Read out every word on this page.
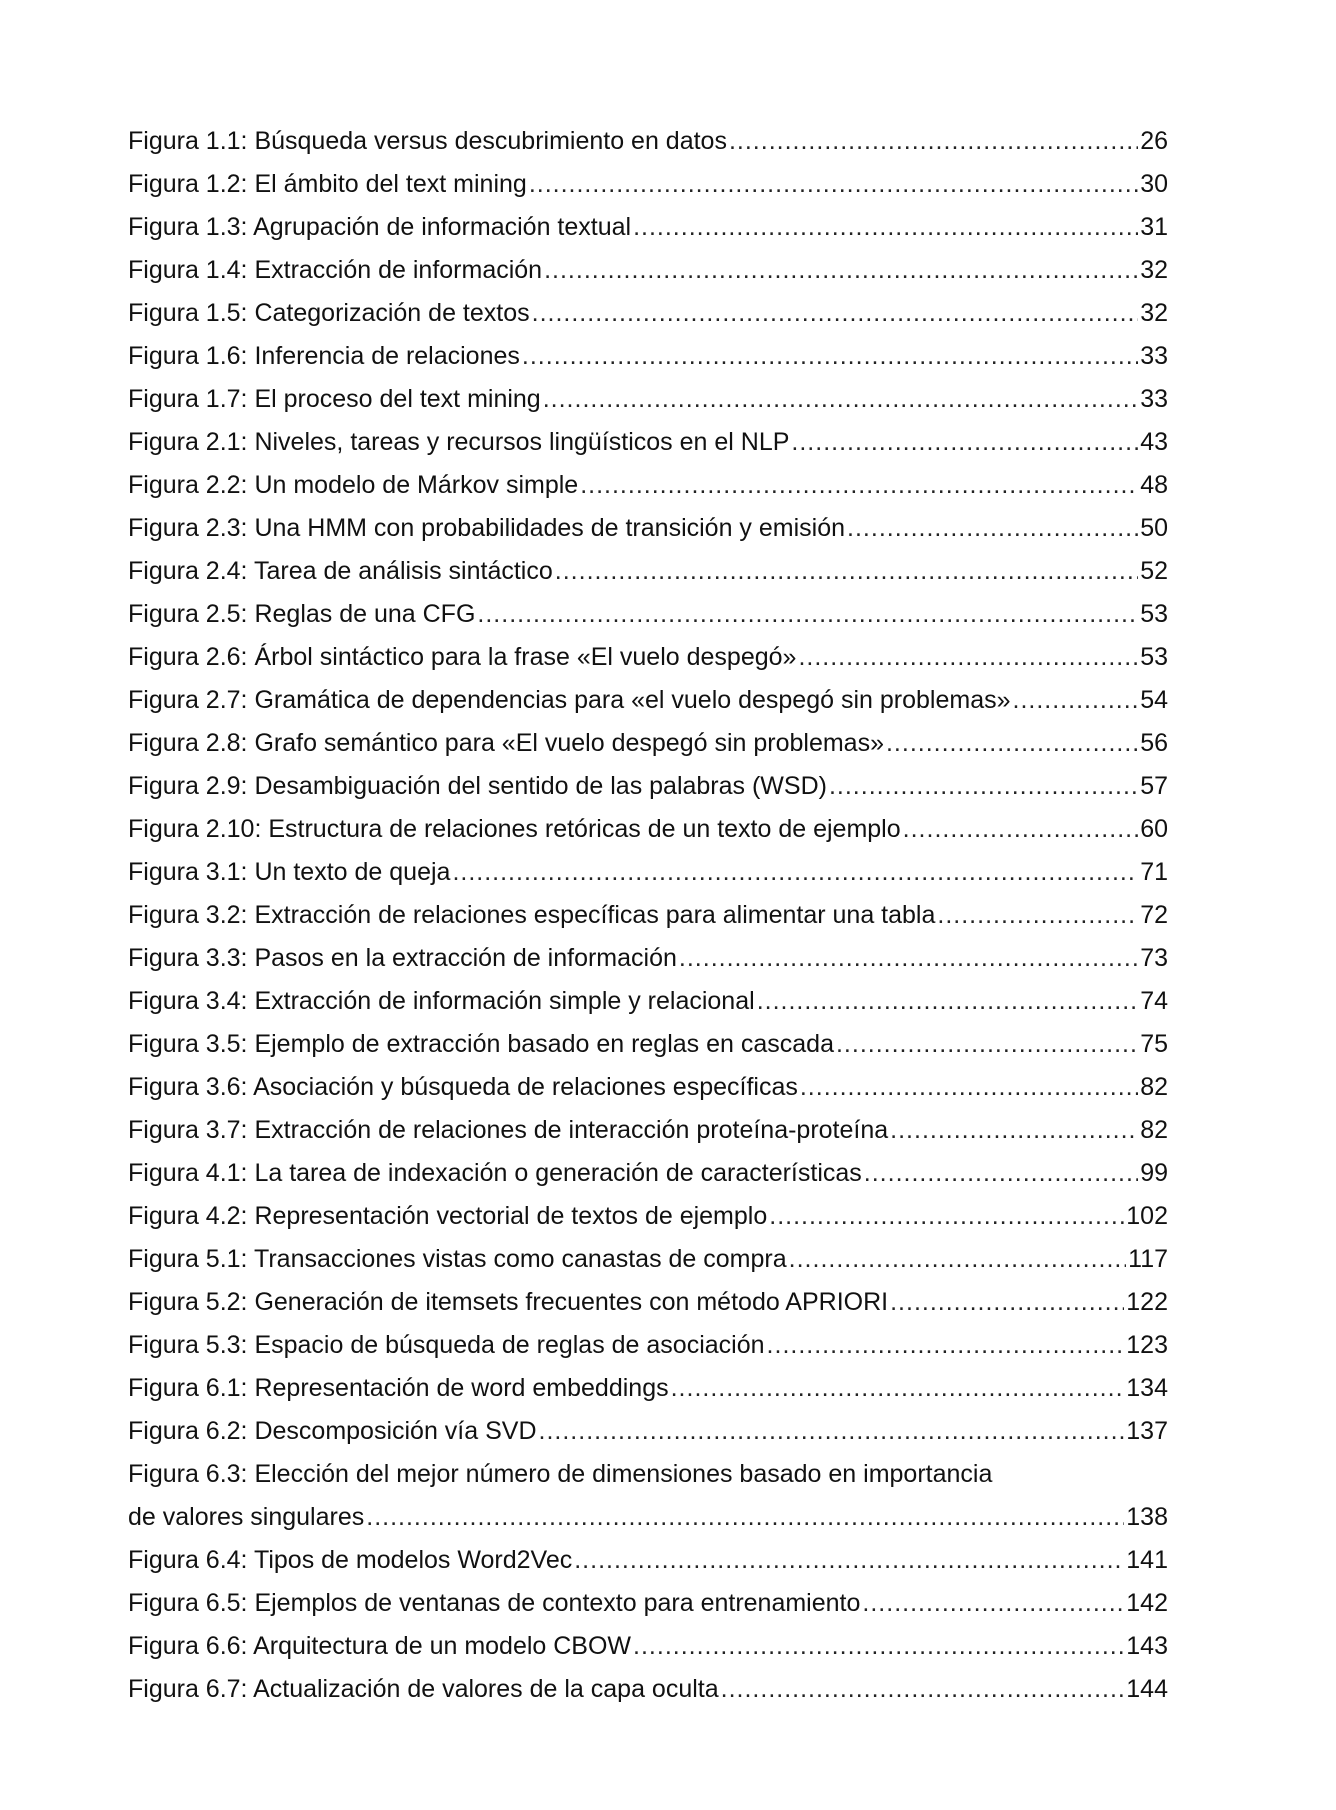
Figura 1.1: Búsqueda versus descubrimiento en datos .....	26
Figura 1.2: El ámbito del text mining .....	30
Figura 1.3: Agrupación de información textual .....	31
Figura 1.4: Extracción de información .....	32
Figura 1.5: Categorización de textos .....	32
Figura 1.6: Inferencia de relaciones .....	33
Figura 1.7: El proceso del text mining .....	33
Figura 2.1: Niveles, tareas y recursos lingüísticos en el NLP .....	43
Figura 2.2: Un modelo de Márkov simple .....	48
Figura 2.3: Una HMM con probabilidades de transición y emisión .....	50
Figura 2.4: Tarea de análisis sintáctico .....	52
Figura 2.5: Reglas de una CFG .....	53
Figura 2.6: Árbol sintáctico para la frase «El vuelo despegó» .....	53
Figura 2.7: Gramática de dependencias para «el vuelo despegó sin problemas» .....	54
Figura 2.8: Grafo semántico para «El vuelo despegó sin problemas» .....	56
Figura 2.9: Desambiguación del sentido de las palabras (WSD) .....	57
Figura 2.10: Estructura de relaciones retóricas de un texto de ejemplo .....	60
Figura 3.1: Un texto de queja .....	71
Figura 3.2: Extracción de relaciones específicas para alimentar una tabla .....	72
Figura 3.3: Pasos en la extracción de información .....	73
Figura 3.4: Extracción de información simple y relacional .....	74
Figura 3.5: Ejemplo de extracción basado en reglas en cascada .....	75
Figura 3.6: Asociación y búsqueda de relaciones específicas .....	82
Figura 3.7: Extracción de relaciones de interacción proteína-proteína .....	82
Figura 4.1: La tarea de indexación o generación de características .....	99
Figura 4.2: Representación vectorial de textos de ejemplo .....	102
Figura 5.1: Transacciones vistas como canastas de compra .....	117
Figura 5.2: Generación de itemsets frecuentes con método APRIORI .....	122
Figura 5.3: Espacio de búsqueda de reglas de asociación .....	123
Figura 6.1: Representación de word embeddings .....	134
Figura 6.2: Descomposición vía SVD .....	137
Figura 6.3: Elección del mejor número de dimensiones basado en importancia
de valores singulares .....	138
Figura 6.4: Tipos de modelos Word2Vec .....	141
Figura 6.5: Ejemplos de ventanas de contexto para entrenamiento .....	142
Figura 6.6: Arquitectura de un modelo CBOW .....	143
Figura 6.7: Actualización de valores de la capa oculta .....	144
